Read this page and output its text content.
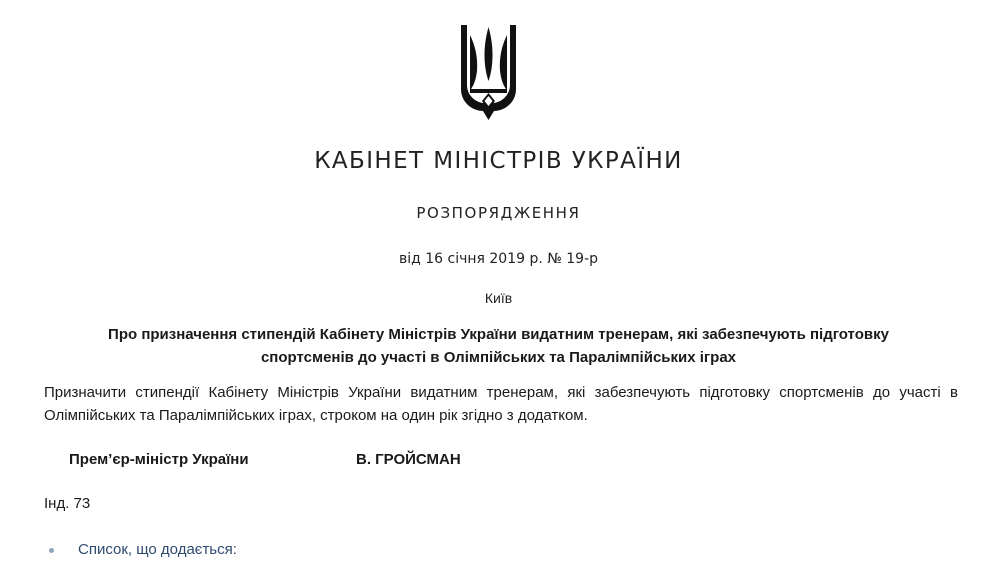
КАБІНЕТ МІНІСТРІВ УКРАЇНИ
РОЗПОРЯДЖЕННЯ
від 16 січня 2019 р. № 19-р
Київ
Про призначення стипендій Кабінету Міністрів України видатним тренерам, які забезпечують підготовку
спортсменів до участі в Олімпійських та Паралімпійських іграх
Призначити стипендії Кабінету Міністрів України видатним тренерам, які забезпечують підготовку спортсменів до участі в Олімпійських та Паралімпійських іграх, строком на один рік згідно з додатком.
Прем’єр-міністр України	В. ГРОЙСМАН
Інд. 73
Список, що додається:
